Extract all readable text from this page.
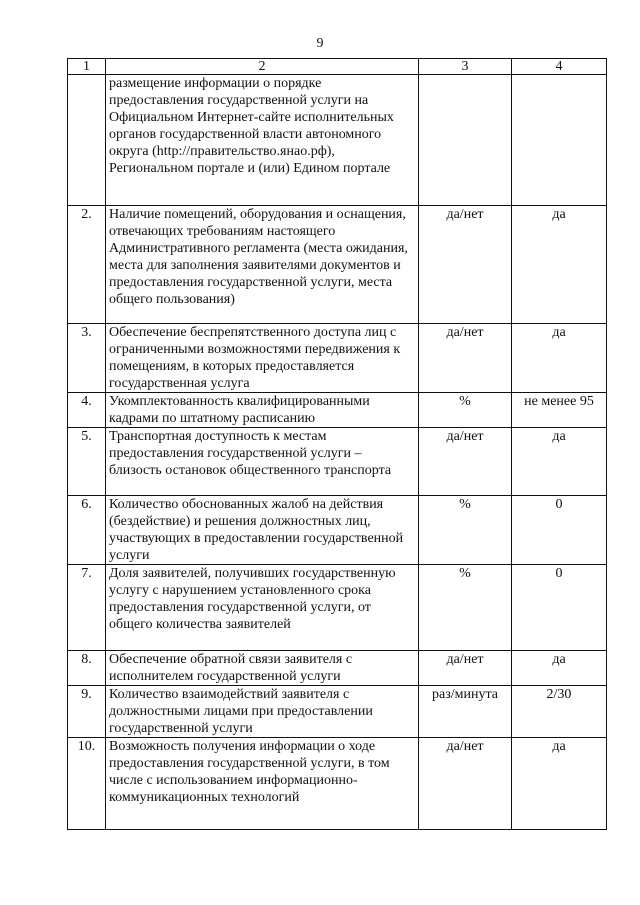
9
1	2	3	4
	размещение информации о порядке предоставления государственной услуги на Официальном Интернет-сайте исполнительных органов государственной власти автономного округа (http://правительство.янао.рф), Региональном портале и (или) Едином портале		
2.	Наличие помещений, оборудования и оснащения, отвечающих требованиям настоящего Административного регламента (места ожидания, места для заполнения заявителями документов и предоставления государственной услуги, места общего пользования)	да/нет	да
3.	Обеспечение беспрепятственного доступа лиц с ограниченными возможностями передвижения к помещениям, в которых предоставляется государственная услуга	да/нет	да
4.	Укомплектованность квалифицированными кадрами по штатному расписанию	%	не менее 95
5.	Транспортная доступность к местам предоставления государственной услуги – близость остановок общественного транспорта	да/нет	да
6.	Количество обоснованных жалоб на действия (бездействие) и решения должностных лиц, участвующих в предоставлении государственной услуги	%	0
7.	Доля заявителей, получивших государственную услугу с нарушением установленного срока предоставления государственной услуги, от общего количества заявителей	%	0
8.	Обеспечение обратной связи заявителя с исполнителем государственной услуги	да/нет	да
9.	Количество взаимодействий заявителя с должностными лицами при предоставлении государственной услуги	раз/минута	2/30
10.	Возможность получения информации о ходе предоставления государственной услуги, в том числе с использованием информационно-коммуникационных технологий	да/нет	да
